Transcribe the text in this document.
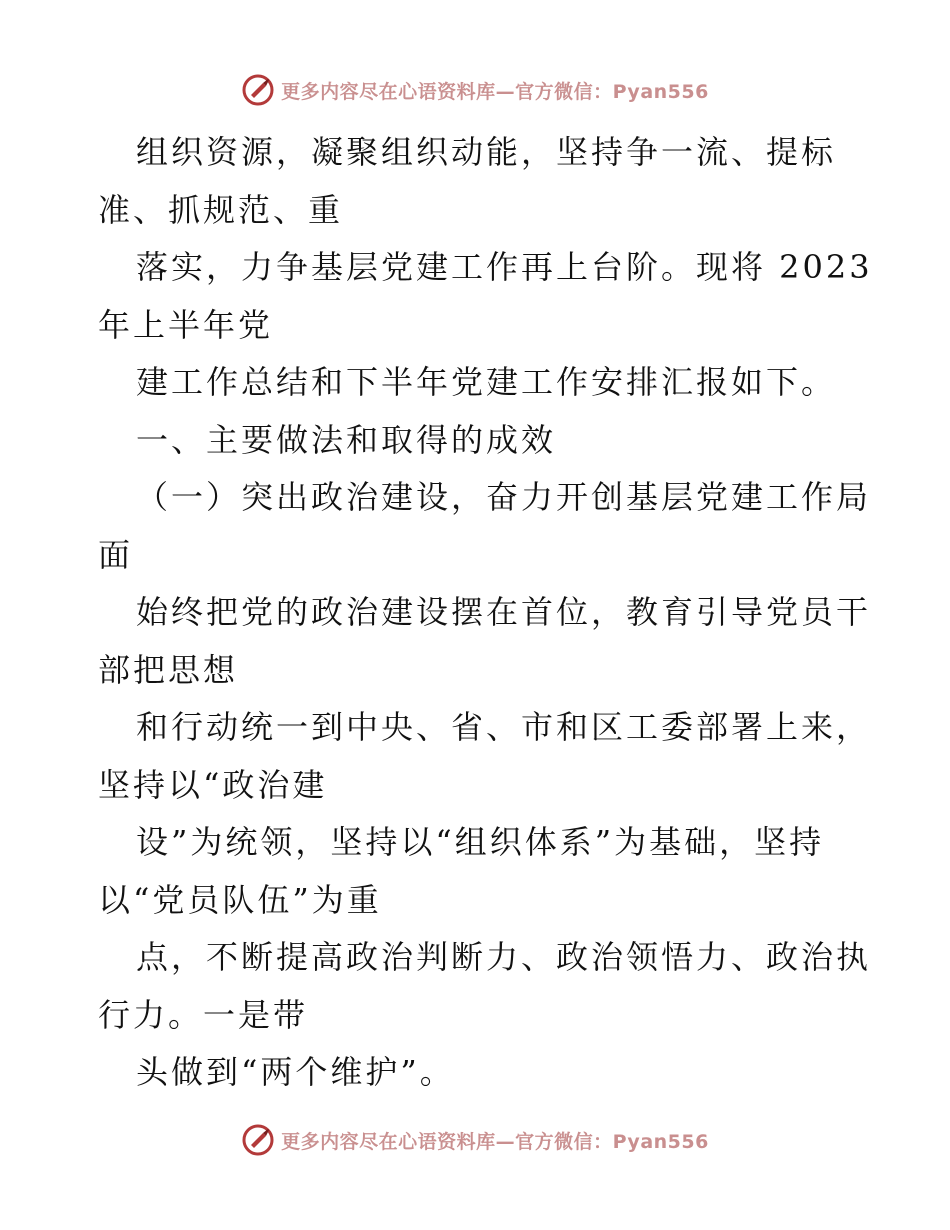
更多内容尽在心语资料库—官方微信：Pyan556
组织资源，凝聚组织动能，坚持争一流、提标
准、抓规范、重
落实，力争基层党建工作再上台阶。现将 2023
年上半年党
建工作总结和下半年党建工作安排汇报如下。
一、主要做法和取得的成效
（一）突出政治建设，奋力开创基层党建工作局
面
始终把党的政治建设摆在首位，教育引导党员干
部把思想
和行动统一到中央、省、市和区工委部署上来，
坚持以“政治建
设”为统领，坚持以“组织体系”为基础，坚持
以“党员队伍”为重
点，不断提高政治判断力、政治领悟力、政治执
行力。一是带
头做到“两个维护”。
更多内容尽在心语资料库—官方微信：Pyan556
